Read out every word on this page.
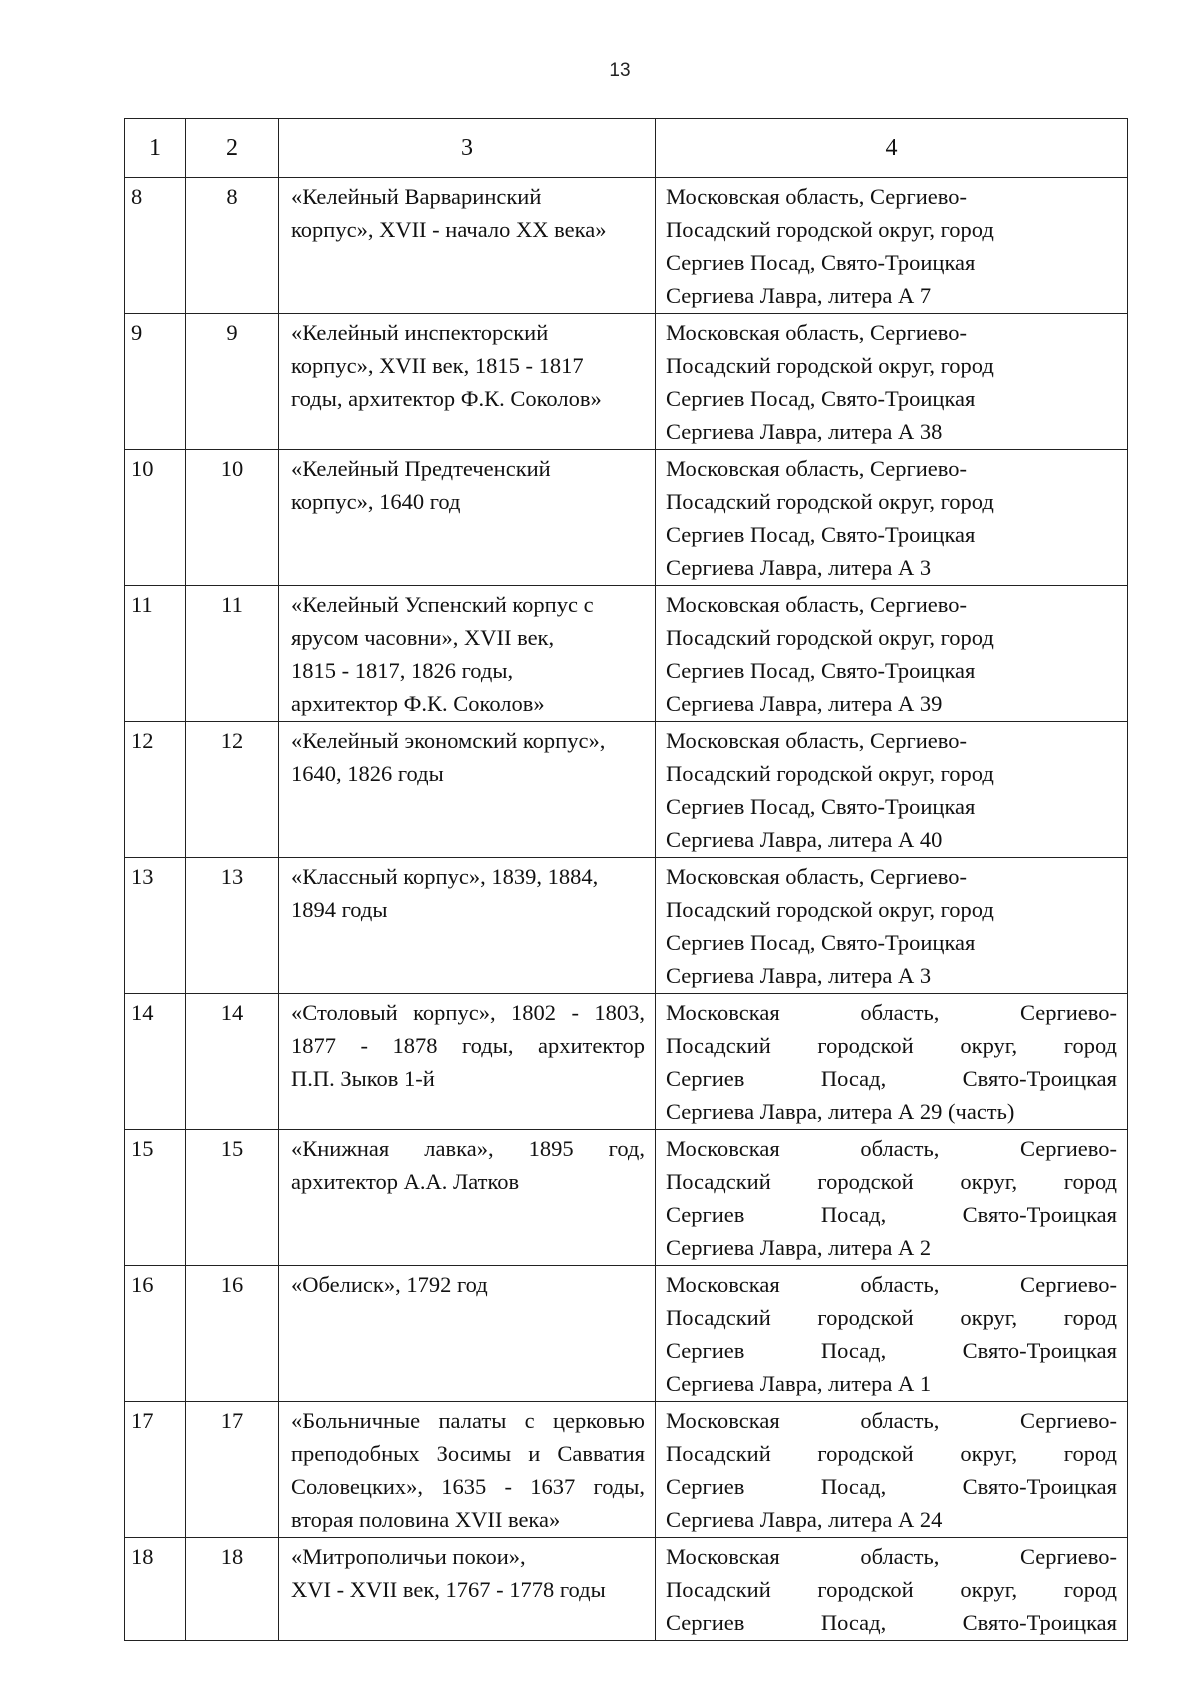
13
1	2	3	4
8	8	«Келейный Варваринский
корпус», XVII - начало XX века»	Московская область, Сергиево-
Посадский городской округ, город
Сергиев Посад, Свято-Троицкая
Сергиева Лавра, литера А 7

9	9	«Келейный инспекторский
корпус», XVII век, 1815 - 1817
годы, архитектор Ф.К. Соколов»	Московская область, Сергиево-
Посадский городской округ, город
Сергиев Посад, Свято-Троицкая
Сергиева Лавра, литера А 38

10	10	«Келейный Предтеченский
корпус», 1640 год	Московская область, Сергиево-
Посадский городской округ, город
Сергиев Посад, Свято-Троицкая
Сергиева Лавра, литера А 3

11	11	«Келейный Успенский корпус с
ярусом часовни», XVII век,
1815 - 1817, 1826 годы,
архитектор Ф.К. Соколов»	Московская область, Сергиево-
Посадский городской округ, город
Сергиев Посад, Свято-Троицкая
Сергиева Лавра, литера А 39

12	12	«Келейный экономский корпус»,
1640, 1826 годы	Московская область, Сергиево-
Посадский городской округ, город
Сергиев Посад, Свято-Троицкая
Сергиева Лавра, литера А 40

13	13	«Классный корпус», 1839, 1884,
1894 годы	Московская область, Сергиево-
Посадский городской округ, город
Сергиев Посад, Свято-Троицкая
Сергиева Лавра, литера А 3

14	14	«Столовый корпус», 1802 - 1803,
1877 - 1878 годы, архитектор
П.П. Зыков 1-й	Московская область, Сергиево-
Посадский городской округ, город
Сергиев Посад, Свято-Троицкая
Сергиева Лавра, литера А 29 (часть)

15	15	«Книжная лавка», 1895 год,
архитектор А.А. Латков	Московская область, Сергиево-
Посадский городской округ, город
Сергиев Посад, Свято-Троицкая
Сергиева Лавра, литера А 2

16	16	«Обелиск», 1792 год	Московская область, Сергиево-
Посадский городской округ, город
Сергиев Посад, Свято-Троицкая
Сергиева Лавра, литера А 1

17	17	«Больничные палаты с церковью
преподобных Зосимы и Савватия
Соловецких», 1635 - 1637 годы,
вторая половина XVII века»	Московская область, Сергиево-
Посадский городской округ, город
Сергиев Посад, Свято-Троицкая
Сергиева Лавра, литера А 24

18	18	«Митрополичьи покои»,
XVI - XVII век, 1767 - 1778 годы	Московская область, Сергиево-
Посадский городской округ, город
Сергиев Посад, Свято-Троицкая
